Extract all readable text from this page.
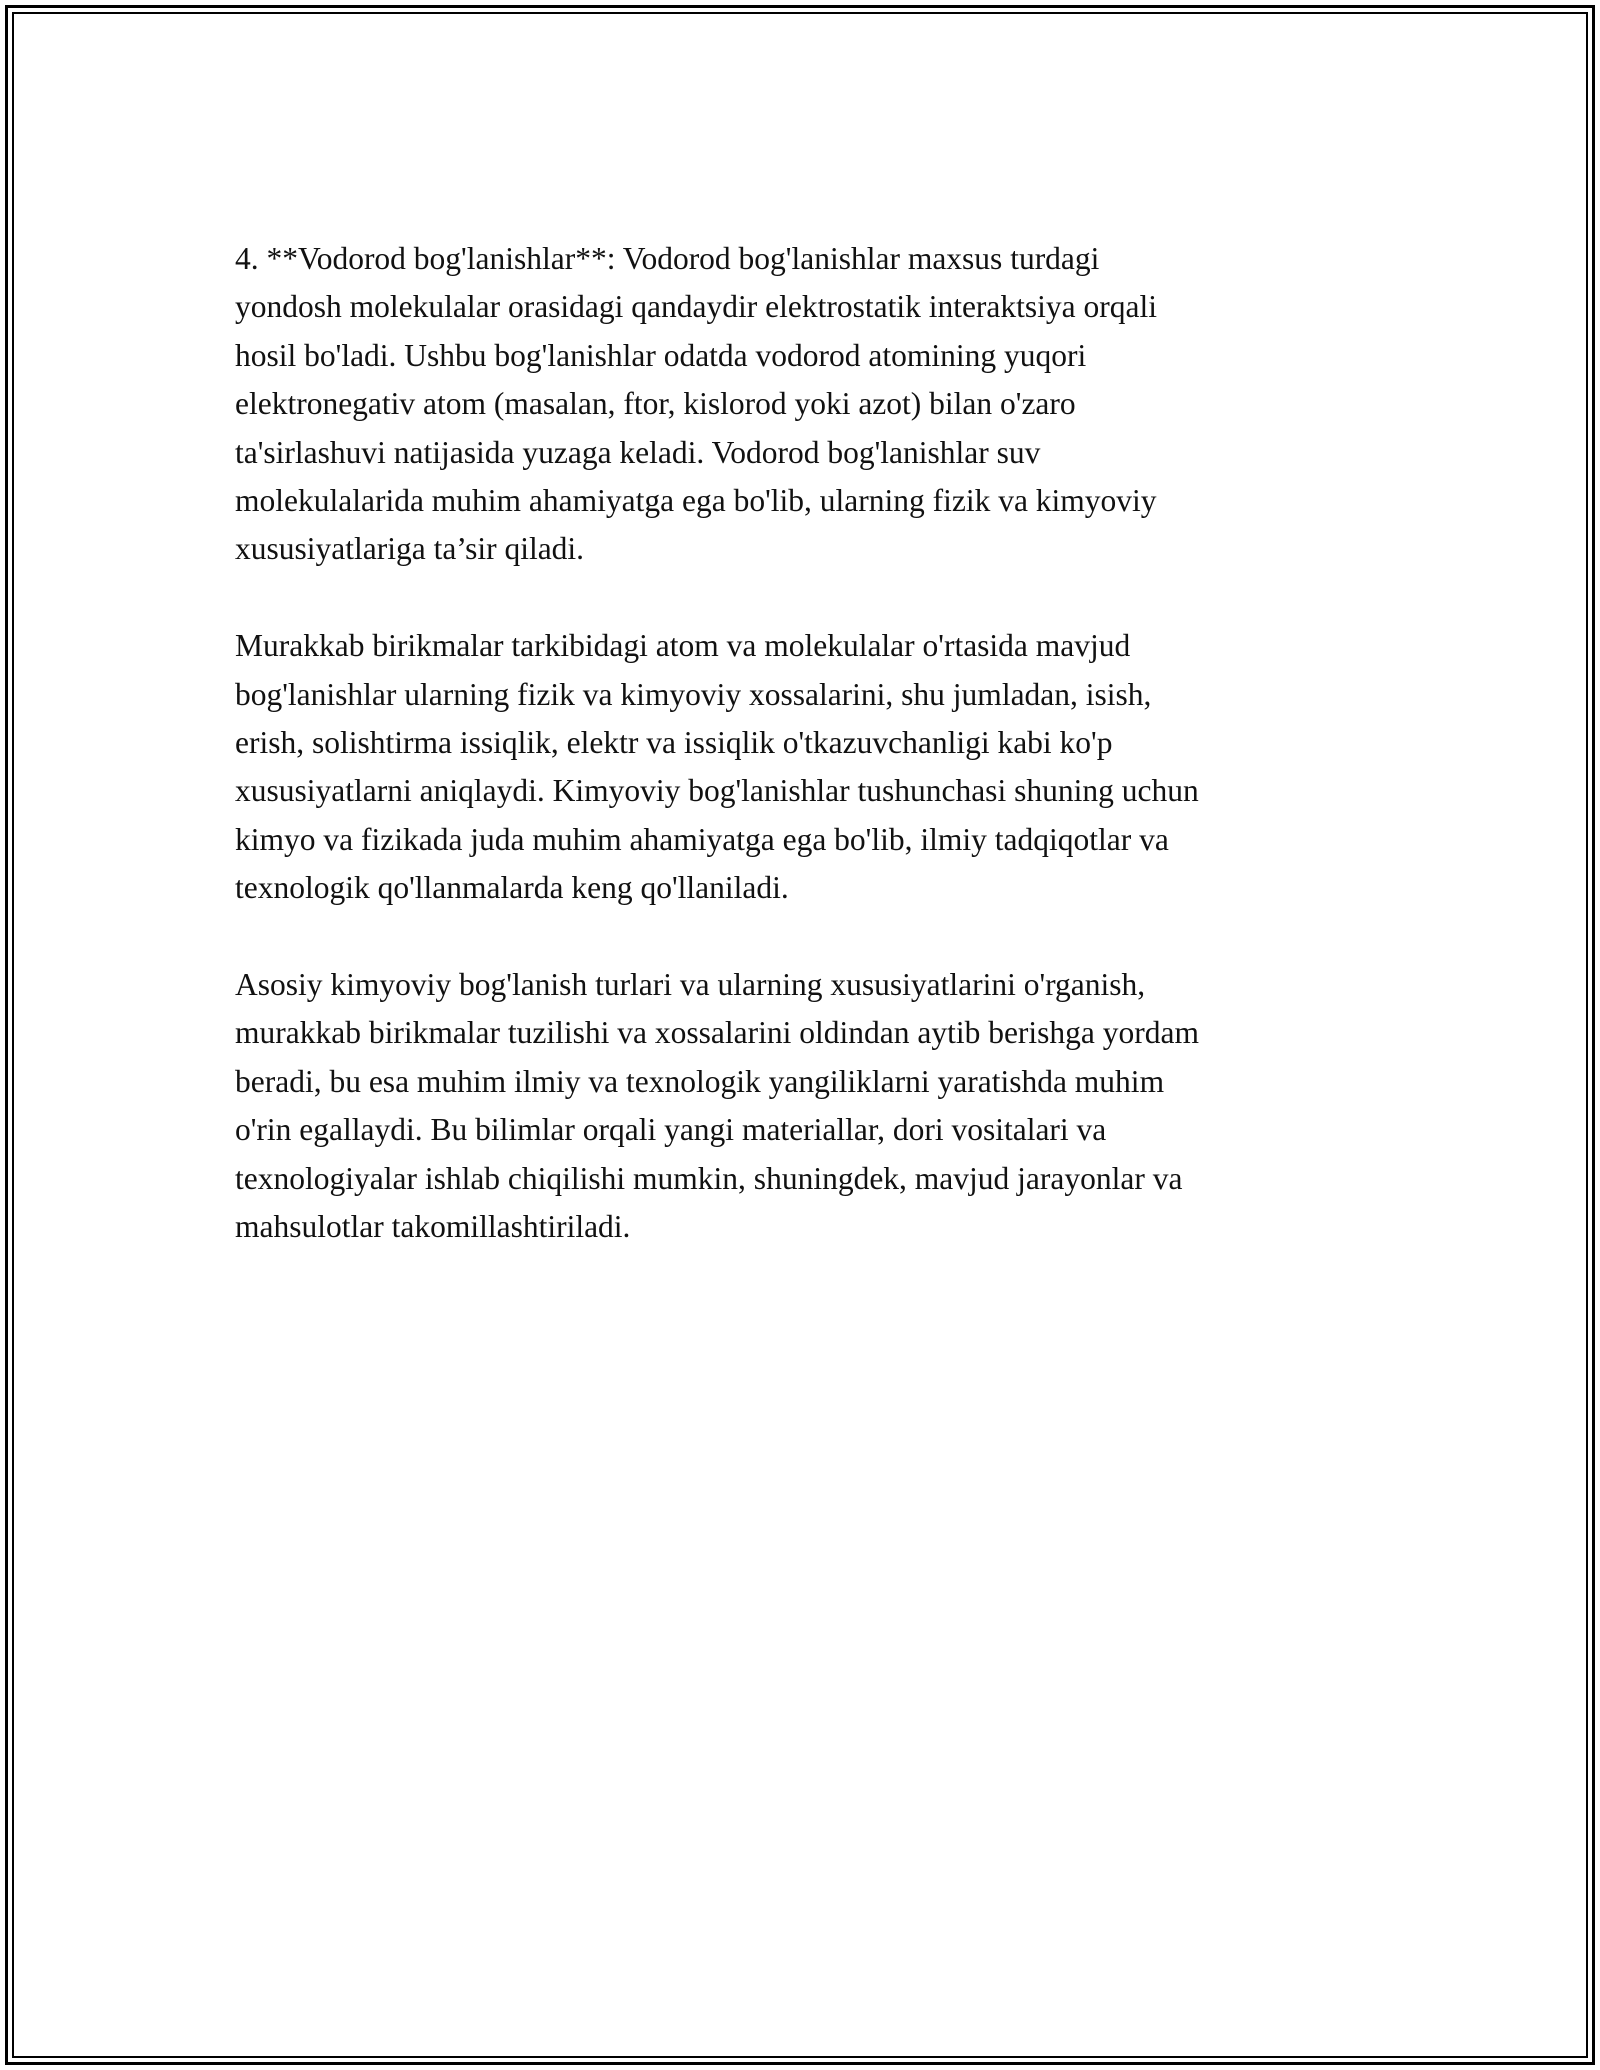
4. **Vodorod bog'lanishlar**: Vodorod bog'lanishlar maxsus turdagi
yondosh molekulalar orasidagi qandaydir elektrostatik interaktsiya orqali
hosil bo'ladi. Ushbu bog'lanishlar odatda vodorod atomining yuqori
elektronegativ atom (masalan, ftor, kislorod yoki azot) bilan o'zaro
ta'sirlashuvi natijasida yuzaga keladi. Vodorod bog'lanishlar suv
molekulalarida muhim ahamiyatga ega bo'lib, ularning fizik va kimyoviy
xususiyatlariga ta’sir qiladi.

Murakkab birikmalar tarkibidagi atom va molekulalar o'rtasida mavjud
bog'lanishlar ularning fizik va kimyoviy xossalarini, shu jumladan, isish,
erish, solishtirma issiqlik, elektr va issiqlik o'tkazuvchanligi kabi ko'p
xususiyatlarni aniqlaydi. Kimyoviy bog'lanishlar tushunchasi shuning uchun
kimyo va fizikada juda muhim ahamiyatga ega bo'lib, ilmiy tadqiqotlar va
texnologik qo'llanmalarda keng qo'llaniladi.

Asosiy kimyoviy bog'lanish turlari va ularning xususiyatlarini o'rganish,
murakkab birikmalar tuzilishi va xossalarini oldindan aytib berishga yordam
beradi, bu esa muhim ilmiy va texnologik yangiliklarni yaratishda muhim
o'rin egallaydi. Bu bilimlar orqali yangi materiallar, dori vositalari va
texnologiyalar ishlab chiqilishi mumkin, shuningdek, mavjud jarayonlar va
mahsulotlar takomillashtiriladi.
